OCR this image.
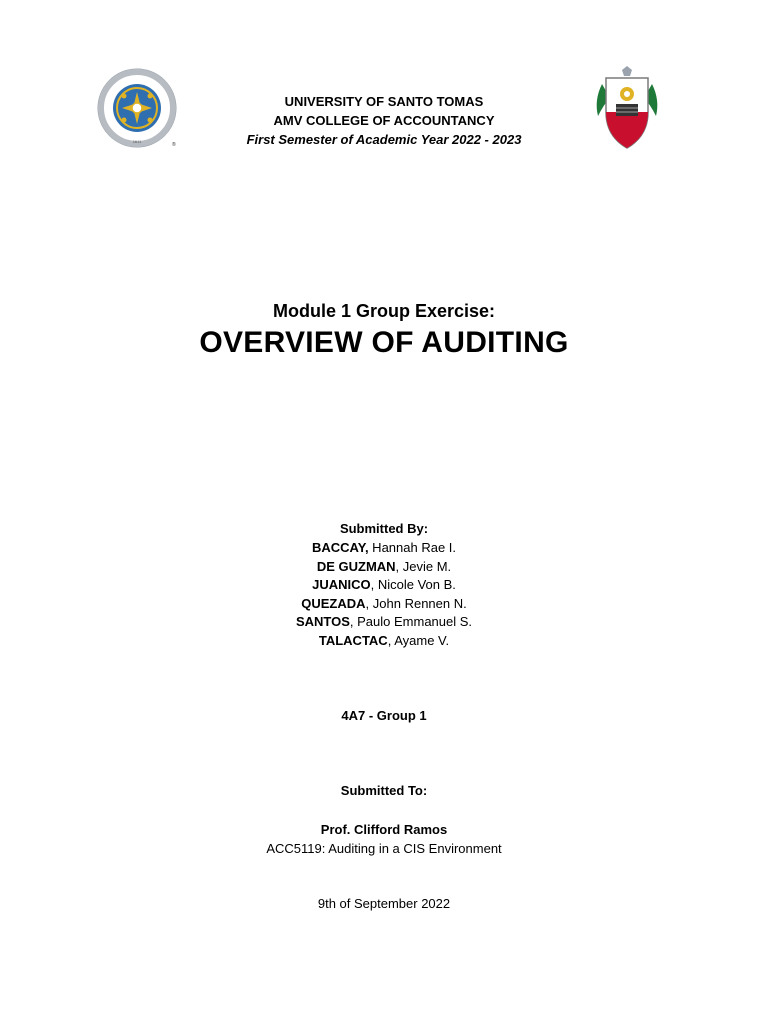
1611
®
UNIVERSITY OF SANTO TOMAS
AMV COLLEGE OF ACCOUNTANCY
First Semester of Academic Year 2022 - 2023
Module 1 Group Exercise:
OVERVIEW OF AUDITING
Submitted By:
BACCAY, Hannah Rae I.
DE GUZMAN, Jevie M.
JUANICO, Nicole Von B.
QUEZADA, John Rennen N.
SANTOS, Paulo Emmanuel S.
TALACTAC, Ayame V.
4A7 - Group 1
Submitted To:
Prof. Clifford Ramos
ACC5119: Auditing in a CIS Environment
9th of September 2022
